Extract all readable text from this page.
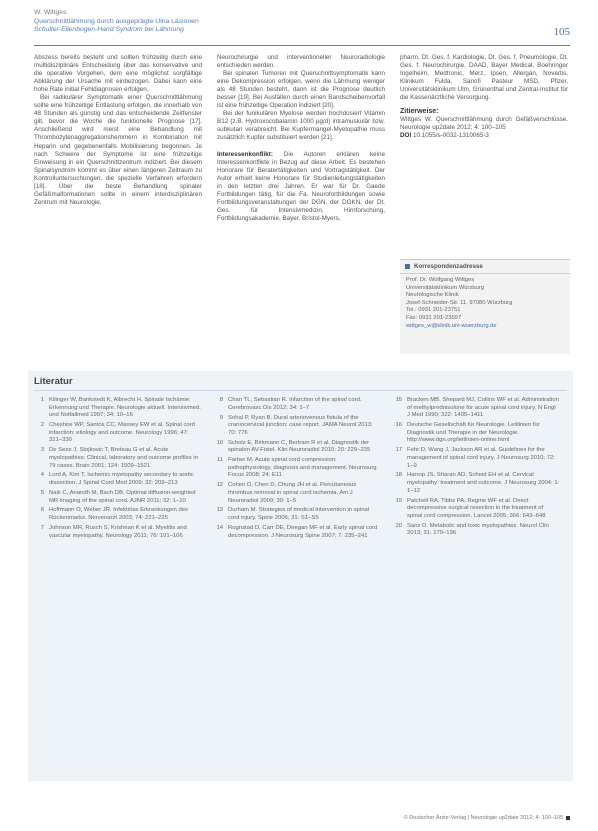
W. Wittges
Querschnittlähmung durch ausgeprägte Ulna Läsionen
Schulter-Ellenbogen-Hand Syndrom bei Lähmung	105

Abszess bereits besteht und sollten frühzeitig durch eine multidisziplinäre Entscheidung über das konservative und die operative Vorgehen, dem eine möglichst sorgfältige Abklärung der Ursache mit einbezogen. Dabei kann eine hohe Rate initial Fehldiagnosen erfolgen.

Bei radikulärer Symptomatik einer Querschnittlähmung sollte eine frühzeitige Entlastung erfolgen, die innerhalb von 48 Stunden als günstig und das entscheidende Zeitfenster gilt, bevor die Woche die funktionelle Prognose [17]. Anschließend wird meist eine Behandlung mit Thrombozytenaggregationshemmern in Kombination mit Heparin und gegebenenfalls Mobilisierung begonnen. Je nach Schwere der Symptome ist eine frühzeitige Einweisung in ein Querschnittzentrum indiziert. Bei diesem Spinalsyndrom kommt es über einen längeren Zeitraum zu Kontrolluntersuchungen, die spezielle Verfahren erfordern [18]. Über die beste Behandlung spinaler Gefäßmalformationen sollte in einem interdisziplinären Zentrum mit Neurologie,

Neurochirurgie und interventioneller Neuroradiologie entschieden werden.

Bei spinalen Tumoren mit Querschnittsymptomatik kann eine Dekompression erfolgen, wenn die Lähmung weniger als 48 Stunden besteht, dann ist die Prognose deutlich besser [19]. Bei Ausfällen durch einen Bandscheibenvorfall ist eine frühzeitige Operation indiziert [20].

Bei der funikulären Myelose werden hochdosiert Vitamin B12 (z.B. Hydroxocobalamin 1000 µg/d) intramuskulär bzw. subkutan verabreicht. Bei Kupfermangel-Myelopathie muss zusätzlich Kupfer substituiert werden [21].

Interessenkonflikt: Die Autoren erklären keine Interessenkonflikte in Bezug auf diese Arbeit. Es bestehen Honorare für Beratertätigkeiten und Vortragstätigkeit. Der Autor erhielt keine Honorare für Studienleitungstätigkeiten in den letzten drei Jahren. Er war für Dr. Gaede Fortbildungen tätig, für die Fa. Neurofortbildungen sowie Fortbildungsveranstaltungen der DGN, der DGKN, der Dt. Ges. für Intensivmedizin, Hirnforschung, Fortbildungsakademie, Bayer, Bristol-Myers,

pharm, Dt. Ges. f. Kardiologie, Dt. Ges. f. Pneumologie, Dt. Ges. f. Neurochirurgie, DAAD, Bayer Medical, Boehringer Ingelheim, Medtronic, Merz, Ipsen, Allergan, Novartis, Klinikum Fulda, Sanofi Pasteur MSD, Pfizer, Universitätsklinikum Ulm, Grünenthal und Zentral-Institut für die Kassenärztliche Versorgung.

Zitierweise:

Wittges W. Querschnittlähmung durch Gefäßverschlüsse. Neurologie up2date 2012; 4: 100–105

DOI 10.1055/s-0032-1310065-3

Korrespondenzadresse
Prof. Dr. Wolfgang Wittges
Universitätsklinikum Würzburg
Neurologische Klinik
Josef-Schneider-Str. 11, 97080 Würzburg
Tel.: 0931 201-23751
Fax: 0931 201-23697
wittges_w@klinik.uni-wuerzburg.de
Literatur
1 Kilinger W, Bankstedt K, Albrecht H. Spinale Ischämie: Erkennung und Therapie. Neurologie aktuell. Intensivmed. und Notfallmed 1997; 34: 10–16
2 Cheshire WP, Santos CC, Massey EW et al. Spinal cord infarction: etiology and outcome. Neurology 1996; 47: 321–330
3 De Seze J, Stojkovic T, Breteau G et al. Acute myelopathies: Clinical, laboratory and outcome profiles in 79 cases. Brain 2001; 124: 1509–1521
4 Lord A, Kim T. Ischemic myelopathy secondary to aortic dissection. J Spinal Cord Med 2009; 32: 209–213
5 Naik C, Anandh M, Bach DB. Optimal diffusion-weighted MR imaging of the spinal cord. AJNR 2011; 32: 1–10
6 Hoffmann O, Weber JR. Infektiöse Erkrankungen des Rückenmarks. Nervenarzt 2003; 74: 221–225
7 Johnson MR, Rusch S, Krishnan K et al. Myelitis and vascular myelopathy. Neurology 2011; 76: 101–106
8 Chan TL, Sebastian R. Infarction of the spinal cord. Cerebrovasc Dis 2012; 34: 1–7
9 Sohal P, Ryan B. Dural arteriovenous fistula of the craniocervical junction: case report. JAMA Neurol 2013; 70: 776
10 Scholz E, Birkmann C, Bertram R et al. Diagnostik der spinalen AV-Fistel. Klin Neuroradiol 2010; 20: 229–235
11 Farber M. Acute spinal cord compression: pathophysiology, diagnosis and management. Neurosurg Focus 2008; 24: E11
12 Cohen D, Chen D, Chung JH et al. Percutaneous thrombus removal in spinal cord ischemia. Am J Neuroradiol 2009; 30: 1–5
13 Durham M. Strategies of medical intervention in spinal cord injury. Spine 2006; 31: S1–S5
14 Rognstad D, Carr DE, Deegan MF et al. Early spinal cord decompression. J Neurosurg Spine 2007; 7: 235–241
15 Bracken MB, Shepard MJ, Collins WF et al. Administration of methylprednisolone for acute spinal cord injury. N Engl J Med 1990; 322: 1405–1411
16 Deutsche Gesellschaft für Neurologie. Leitlinien für Diagnostik und Therapie in der Neurologie. http://www.dgn.org/leitlinien-online.html
17 Fehr D, Wang J, Jackson AR et al. Guidelines for the management of spinal cord injury. J Neurosurg 2010; 72: 1–9
18 Harrop JS, Sharan AD, Scheid EH et al. Cervical myelopathy: treatment and outcome. J Neurosurg 2004; 1: 1–12
19 Patchell RA, Tibbs PA, Regine WF et al. Direct decompressive surgical resection in the treatment of spinal cord compression. Lancet 2005; 366: 643–648
20 Sanz D. Metabolic and toxic myelopathies. Neurol Clin 2013; 31: 179–196
© Deutscher Ärzte-Verlag | Neurologie up2date 2012; 4: 100–105
